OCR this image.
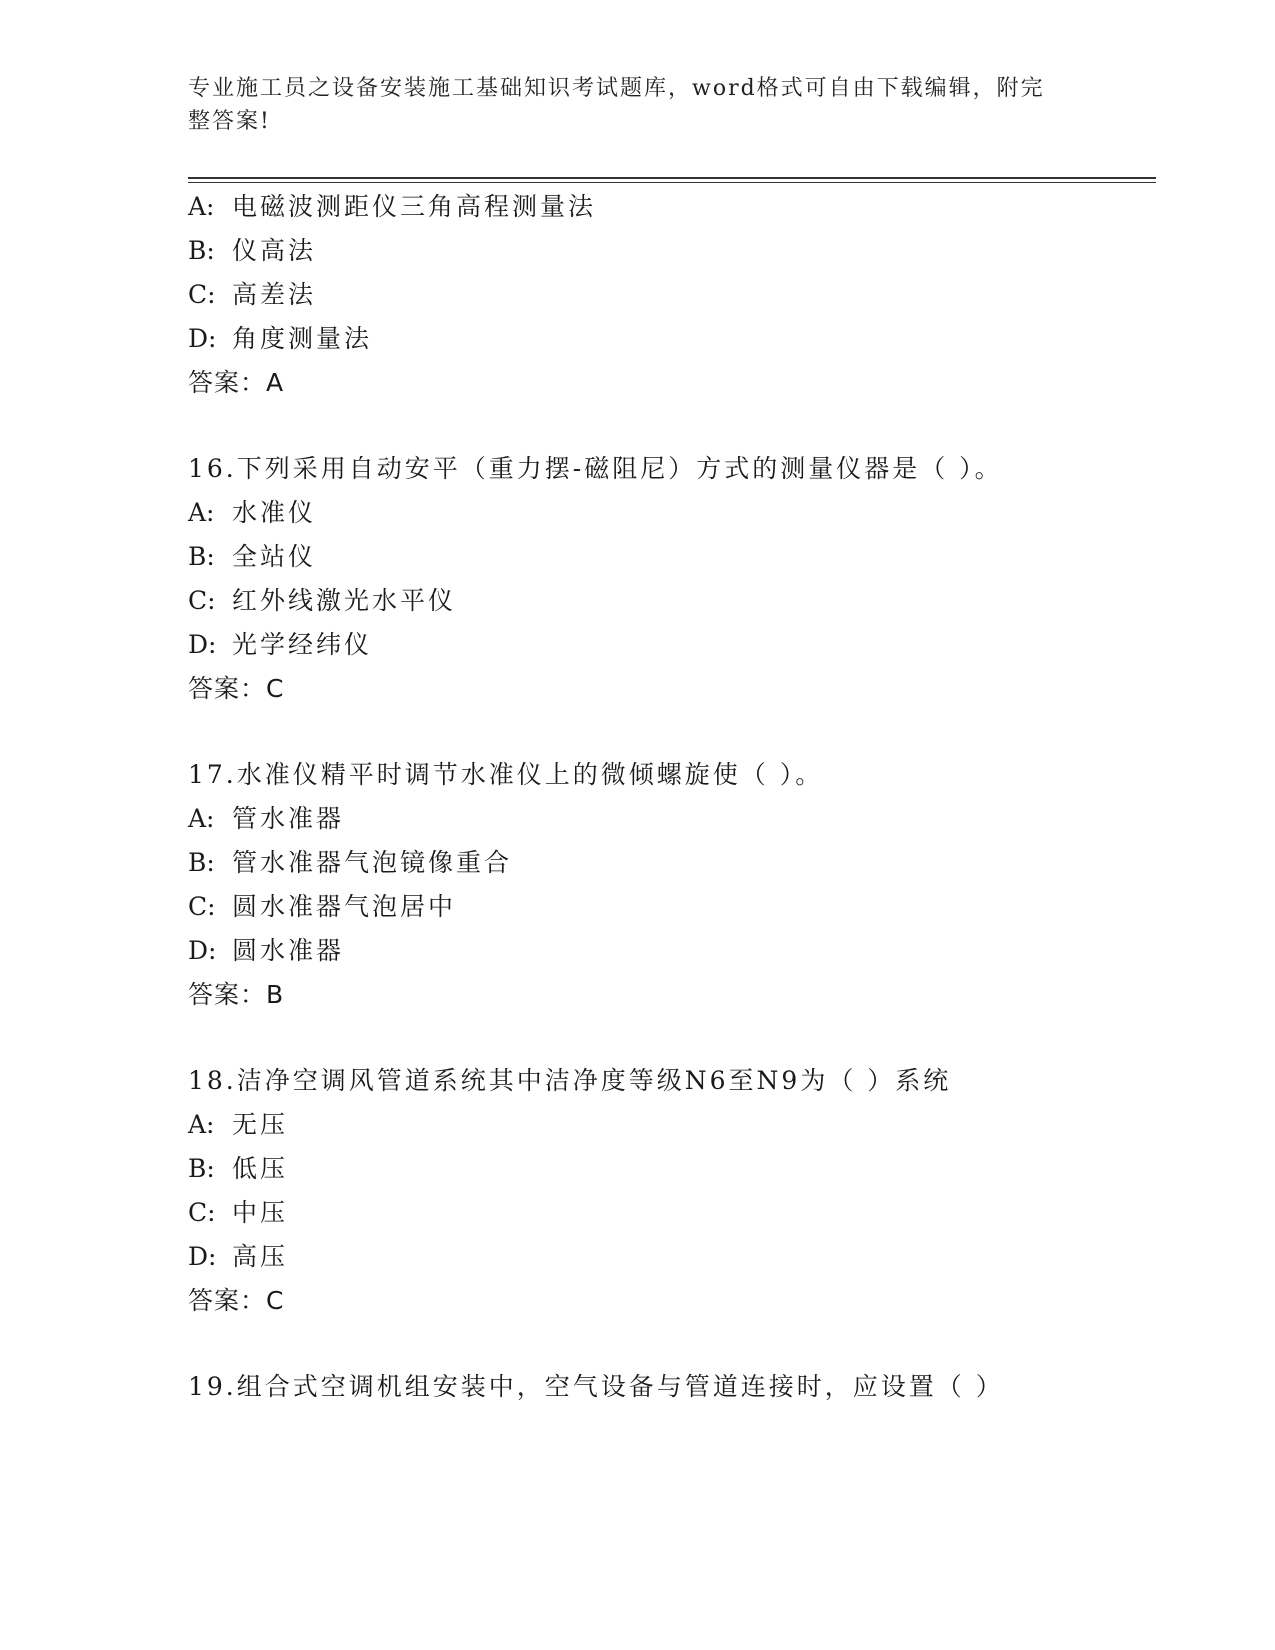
专业施工员之设备安装施工基础知识考试题库，word格式可自由下载编辑，附完整答案!
A: 电磁波测距仪三角高程测量法
B: 仪高法
C: 高差法
D: 角度测量法
答案：A
16.下列采用自动安平（重力摆-磁阻尼）方式的测量仪器是（ ）。
A: 水准仪
B: 全站仪
C: 红外线激光水平仪
D: 光学经纬仪
答案：C
17.水准仪精平时调节水准仪上的微倾螺旋使（ ）。
A: 管水准器
B: 管水准器气泡镜像重合
C: 圆水准器气泡居中
D: 圆水准器
答案：B
18.洁净空调风管道系统其中洁净度等级N6至N9为（ ）系统
A: 无压
B: 低压
C: 中压
D: 高压
答案：C
19.组合式空调机组安装中，空气设备与管道连接时，应设置（ ）
